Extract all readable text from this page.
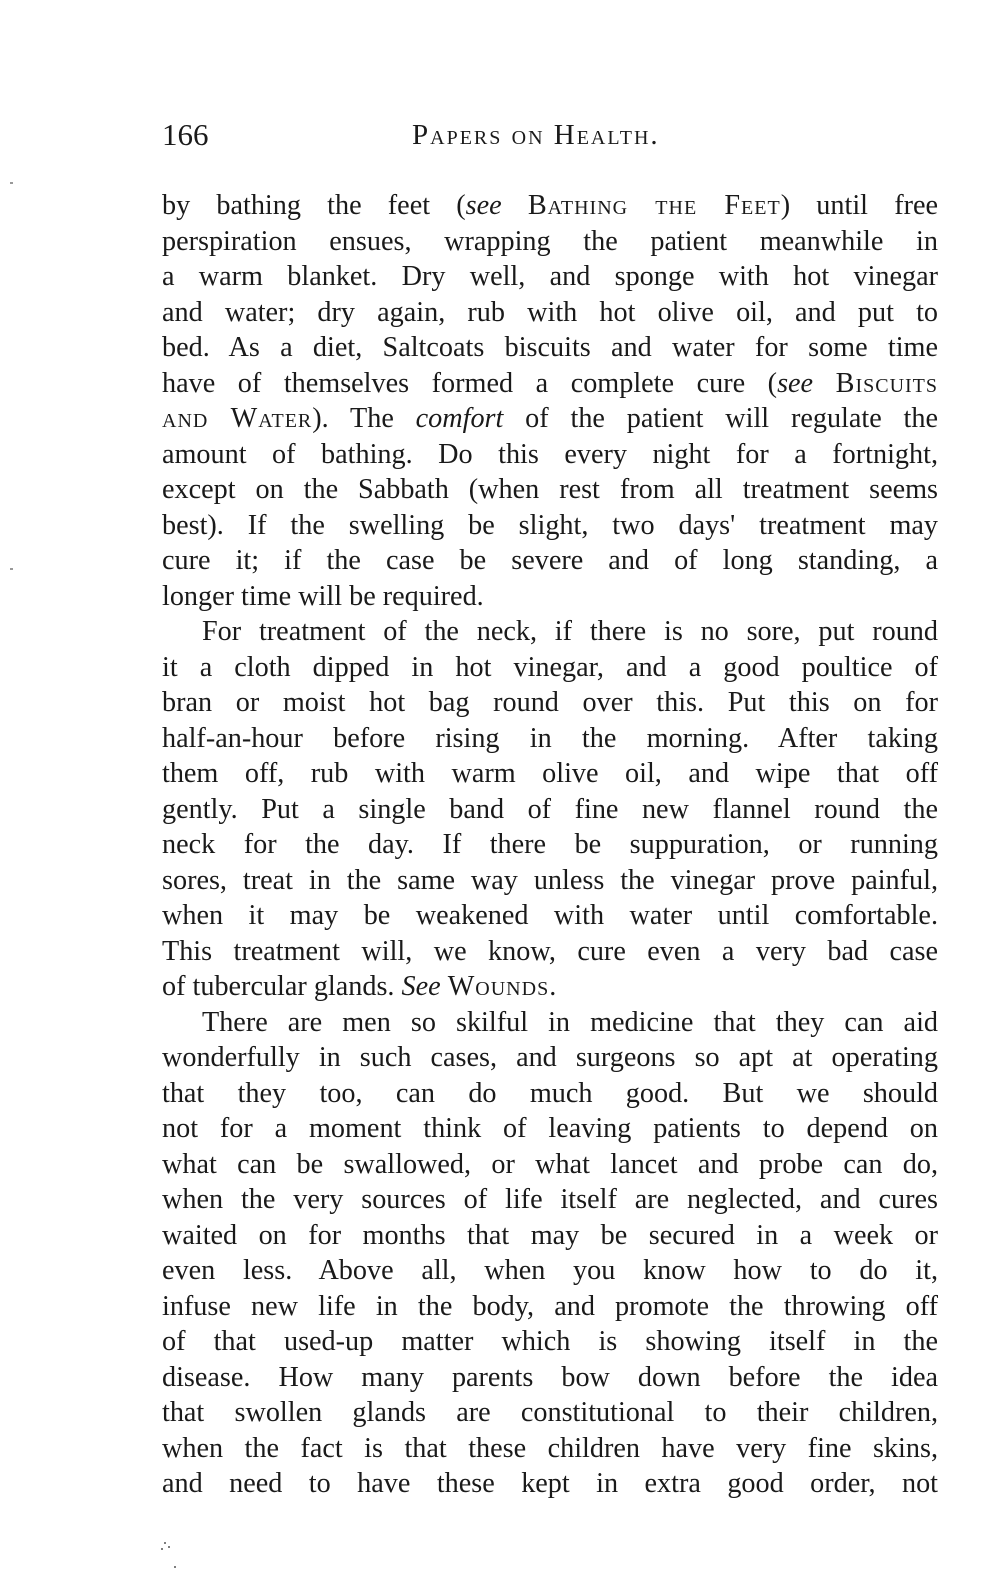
166	Papers on Health.
by bathing the feet (see Bathing the Feet) until free
perspiration ensues, wrapping the patient meanwhile in
a warm blanket. Dry well, and sponge with hot vinegar
and water; dry again, rub with hot olive oil, and put to
bed. As a diet, Saltcoats biscuits and water for some time
have of themselves formed a complete cure (see Biscuits
and Water). The comfort of the patient will regulate the
amount of bathing. Do this every night for a fortnight,
except on the Sabbath (when rest from all treatment seems
best). If the swelling be slight, two days' treatment may
cure it; if the case be severe and of long standing, a
longer time will be required.
For treatment of the neck, if there is no sore, put round
it a cloth dipped in hot vinegar, and a good poultice of
bran or moist hot bag round over this. Put this on for
half-an-hour before rising in the morning. After taking
them off, rub with warm olive oil, and wipe that off
gently. Put a single band of fine new flannel round the
neck for the day. If there be suppuration, or running
sores, treat in the same way unless the vinegar prove painful,
when it may be weakened with water until comfortable.
This treatment will, we know, cure even a very bad case
of tubercular glands. See Wounds.
There are men so skilful in medicine that they can aid
wonderfully in such cases, and surgeons so apt at operating
that they too, can do much good. But we should
not for a moment think of leaving patients to depend on
what can be swallowed, or what lancet and probe can do,
when the very sources of life itself are neglected, and cures
waited on for months that may be secured in a week or
even less. Above all, when you know how to do it,
infuse new life in the body, and promote the throwing off
of that used-up matter which is showing itself in the
disease. How many parents bow down before the idea
that swollen glands are constitutional to their children,
when the fact is that these children have very fine skins,
and need to have these kept in extra good order, not
